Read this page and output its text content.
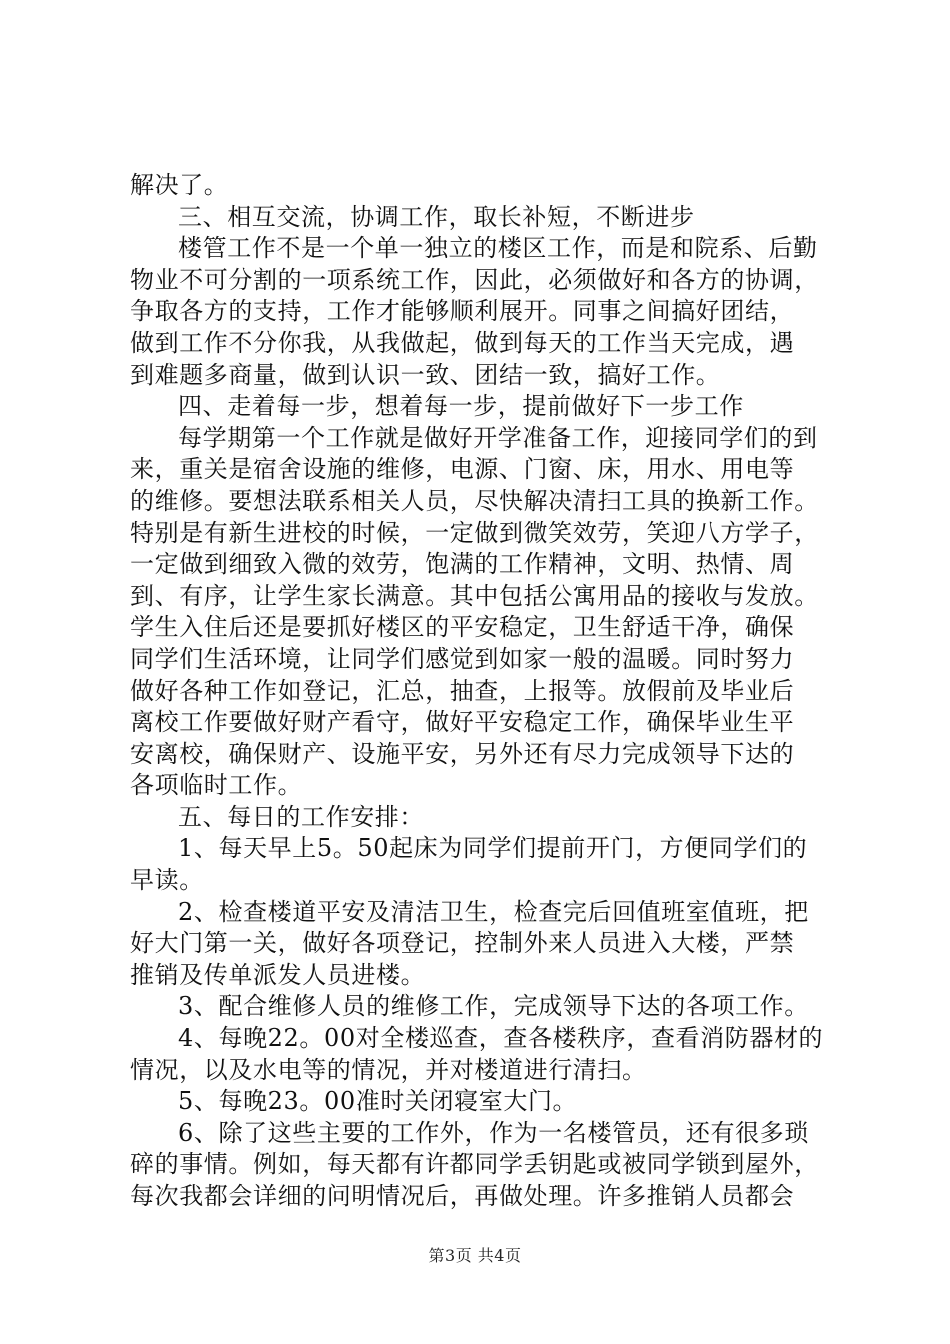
解决了。
三、相互交流，协调工作，取长补短，不断进步
楼管工作不是一个单一独立的楼区工作，而是和院系、后勤
物业不可分割的一项系统工作，因此，必须做好和各方的协调，
争取各方的支持，工作才能够顺利展开。同事之间搞好团结，
做到工作不分你我，从我做起，做到每天的工作当天完成，遇
到难题多商量，做到认识一致、团结一致，搞好工作。
四、走着每一步，想着每一步，提前做好下一步工作
每学期第一个工作就是做好开学准备工作，迎接同学们的到
来，重关是宿舍设施的维修，电源、门窗、床，用水、用电等
的维修。要想法联系相关人员，尽快解决清扫工具的换新工作。
特别是有新生进校的时候，一定做到微笑效劳，笑迎八方学子，
一定做到细致入微的效劳，饱满的工作精神，文明、热情、周
到、有序，让学生家长满意。其中包括公寓用品的接收与发放。
学生入住后还是要抓好楼区的平安稳定，卫生舒适干净，确保
同学们生活环境，让同学们感觉到如家一般的温暖。同时努力
做好各种工作如登记，汇总，抽查，上报等。放假前及毕业后
离校工作要做好财产看守，做好平安稳定工作，确保毕业生平
安离校，确保财产、设施平安，另外还有尽力完成领导下达的
各项临时工作。
五、每日的工作安排：
1、每天早上5。50起床为同学们提前开门，方便同学们的
早读。
2、检查楼道平安及清洁卫生，检查完后回值班室值班，把
好大门第一关，做好各项登记，控制外来人员进入大楼，严禁
推销及传单派发人员进楼。
3、配合维修人员的维修工作，完成领导下达的各项工作。
4、每晚22。00对全楼巡查，查各楼秩序，查看消防器材的
情况，以及水电等的情况，并对楼道进行清扫。
5、每晚23。00准时关闭寝室大门。
6、除了这些主要的工作外，作为一名楼管员，还有很多琐
碎的事情。例如，每天都有许都同学丢钥匙或被同学锁到屋外，
每次我都会详细的问明情况后，再做处理。许多推销人员都会
第3页 共4页
